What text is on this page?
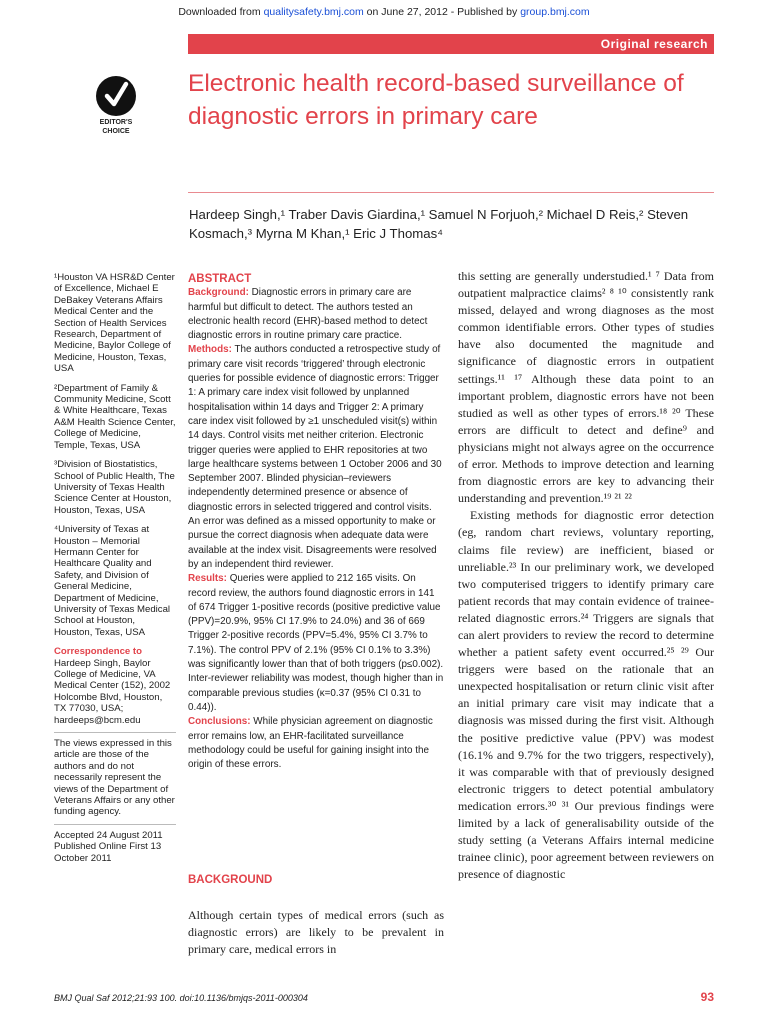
Downloaded from qualitysafety.bmj.com on June 27, 2012 - Published by group.bmj.com
Original research
EDITOR'S
CHOICE
Electronic health record-based surveillance of diagnostic errors in primary care
Hardeep Singh,¹ Traber Davis Giardina,¹ Samuel N Forjuoh,² Michael D Reis,² Steven Kosmach,³ Myrna M Khan,¹ Eric J Thomas⁴
¹Houston VA HSR&D Center of Excellence, Michael E DeBakey Veterans Affairs Medical Center and the Section of Health Services Research, Department of Medicine, Baylor College of Medicine, Houston, Texas, USA
²Department of Family & Community Medicine, Scott & White Healthcare, Texas A&M Health Science Center, College of Medicine, Temple, Texas, USA
³Division of Biostatistics, School of Public Health, The University of Texas Health Science Center at Houston, Houston, Texas, USA
⁴University of Texas at Houston – Memorial Hermann Center for Healthcare Quality and Safety, and Division of General Medicine, Department of Medicine, University of Texas Medical School at Houston, Houston, Texas, USA
Correspondence to
Hardeep Singh, Baylor College of Medicine, VA Medical Center (152), 2002 Holcombe Blvd, Houston, TX 77030, USA; hardeeps@bcm.edu
The views expressed in this article are those of the authors and do not necessarily represent the views of the Department of Veterans Affairs or any other funding agency.
Accepted 24 August 2011 Published Online First 13 October 2011
ABSTRACT
Background: Diagnostic errors in primary care are harmful but difficult to detect. The authors tested an electronic health record (EHR)-based method to detect diagnostic errors in routine primary care practice.
Methods: The authors conducted a retrospective study of primary care visit records ‘triggered’ through electronic queries for possible evidence of diagnostic errors: Trigger 1: A primary care index visit followed by unplanned hospitalisation within 14 days and Trigger 2: A primary care index visit followed by ≥1 unscheduled visit(s) within 14 days. Control visits met neither criterion. Electronic trigger queries were applied to EHR repositories at two large healthcare systems between 1 October 2006 and 30 September 2007. Blinded physician–reviewers independently determined presence or absence of diagnostic errors in selected triggered and control visits. An error was defined as a missed opportunity to make or pursue the correct diagnosis when adequate data were available at the index visit. Disagreements were resolved by an independent third reviewer.
Results: Queries were applied to 212 165 visits. On record review, the authors found diagnostic errors in 141 of 674 Trigger 1-positive records (positive predictive value (PPV)=20.9%, 95% CI 17.9% to 24.0%) and 36 of 669 Trigger 2-positive records (PPV=5.4%, 95% CI 3.7% to 7.1%). The control PPV of 2.1% (95% CI 0.1% to 3.3%) was significantly lower than that of both triggers (p≤0.002). Inter-reviewer reliability was modest, though higher than in comparable previous studies (κ=0.37 (95% CI 0.31 to 0.44)).
Conclusions: While physician agreement on diagnostic error remains low, an EHR-facilitated surveillance methodology could be useful for gaining insight into the origin of these errors.
BACKGROUND
Although certain types of medical errors (such as diagnostic errors) are likely to be prevalent in primary care, medical errors in

this setting are generally understudied.¹ ⁷ Data from outpatient malpractice claims² ⁸ ¹⁰ consistently rank missed, delayed and wrong diagnoses as the most common identifiable errors. Other types of studies have also documented the magnitude and significance of diagnostic errors in outpatient settings.¹¹ ¹⁷ Although these data point to an important problem, diagnostic errors have not been studied as well as other types of errors.¹⁸ ²⁰ These errors are difficult to detect and define⁹ and physicians might not always agree on the occurrence of error. Methods to improve detection and learning from diagnostic errors are key to advancing their understanding and prevention.¹⁹ ²¹ ²²

Existing methods for diagnostic error detection (eg, random chart reviews, voluntary reporting, claims file review) are inefficient, biased or unreliable.²³ In our preliminary work, we developed two computerised triggers to identify primary care patient records that may contain evidence of trainee-related diagnostic errors.²⁴ Triggers are signals that can alert providers to review the record to determine whether a patient safety event occurred.²⁵ ²⁹ Our triggers were based on the rationale that an unexpected hospitalisation or return clinic visit after an initial primary care visit may indicate that a diagnosis was missed during the first visit. Although the positive predictive value (PPV) was modest (16.1% and 9.7% for the two triggers, respectively), it was comparable with that of previously designed electronic triggers to detect potential ambulatory medication errors.³⁰ ³¹ Our previous findings were limited by a lack of generalisability outside of the study setting (a Veterans Affairs internal medicine trainee clinic), poor agreement between reviewers on presence of diagnostic

BMJ Qual Saf 2012;21:93 100. doi:10.1136/bmjqs-2011-000304	93
